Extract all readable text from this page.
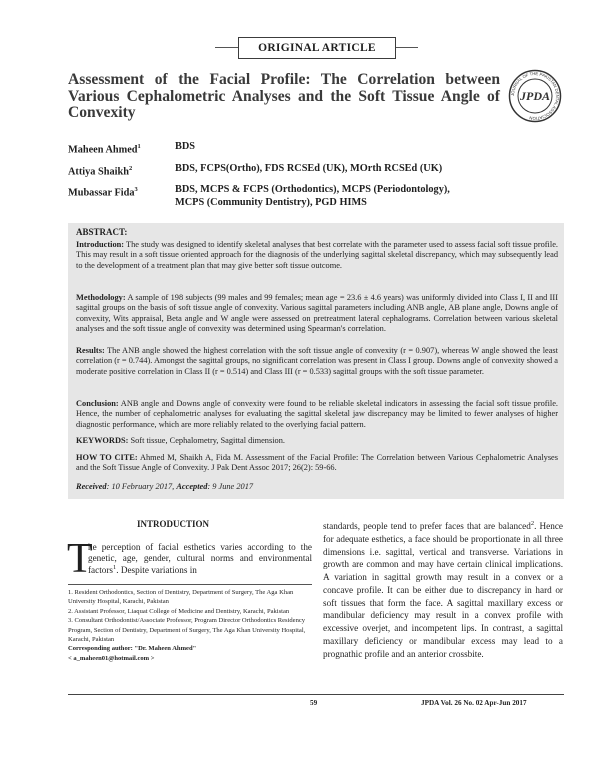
ORIGINAL ARTICLE
Assessment of the Facial Profile: The Correlation between Various Cephalometric Analyses and the Soft Tissue Angle of Convexity
JOURNAL OF THE PAKISTAN DENTAL ASSOCIATION
JPDA
Maheen Ahmed$^1$	BDS
Attiya Shaikh$^2$	BDS, FCPS(Ortho), FDS RCSEd (UK), MOrth RCSEd (UK)
Mubassar Fida$^3$	BDS, MCPS & FCPS (Orthodontics), MCPS (Periodontology),
MCPS (Community Dentistry), PGD HIMS
ABSTRACT:

Introduction: The study was designed to identify skeletal analyses that best correlate with the parameter used to assess facial soft tissue profile. This may result in a soft tissue oriented approach for the diagnosis of the underlying sagittal skeletal discrepancy, which may subsequently lead to the development of a treatment plan that may give better soft tissue outcome.

Methodology: A sample of 198 subjects (99 males and 99 females; mean age = 23.6 ± 4.6 years) was uniformly divided into Class I, II and III sagittal groups on the basis of soft tissue angle of convexity. Various sagittal parameters including ANB angle, AB plane angle, Downs angle of convexity, Wits appraisal, Beta angle and W angle were assessed on pretreatment lateral cephalograms. Correlation between various skeletal analyses and the soft tissue angle of convexity was determined using Spearman's correlation.

Results: The ANB angle showed the highest correlation with the soft tissue angle of convexity (r = 0.907), whereas W angle showed the least correlation (r = 0.744). Amongst the sagittal groups, no significant correlation was present in Class I group. Downs angle of convexity showed a moderate positive correlation in Class II (r = 0.514) and Class III (r = 0.533) sagittal groups with the soft tissue parameter.

Conclusion: ANB angle and Downs angle of convexity were found to be reliable skeletal indicators in assessing the facial soft tissue profile. Hence, the number of cephalometric analyses for evaluating the sagittal skeletal jaw discrepancy may be limited to fewer analyses of higher diagnostic performance, which are more reliably related to the overlying facial pattern.

KEYWORDS: Soft tissue, Cephalometry, Sagittal dimension.

HOW TO CITE: Ahmed M, Shaikh A, Fida M. Assessment of the Facial Profile: The Correlation between Various Cephalometric Analyses and the Soft Tissue Angle of Convexity. J Pak Dent Assoc 2017; 26(2): 59-66.

Received: 10 February 2017, Accepted: 9 June 2017

INTRODUCTION
T

he perception of facial esthetics varies according to the genetic, age, gender, cultural norms and environmental factors$^1$. Despite variations in

1. Resident Orthodontics, Section of Dentistry, Department of Surgery, The Aga Khan University Hospital, Karachi, Pakistan

2. Assistant Professor, Liaquat College of Medicine and Dentistry, Karachi, Pakistan

3. Consultant Orthodontist/Associate Professor, Program Director Orthodontics Residency Program, Section of Dentistry, Department of Surgery, The Aga Khan University Hospital, Karachi, Pakistan

Corresponding author: "Dr. Maheen Ahmed"

< a_maheen01@hotmail.com >

standards, people tend to prefer faces that are balanced$^2$. Hence for adequate esthetics, a face should be proportionate in all three dimensions i.e. sagittal, vertical and transverse. Variations in growth are common and may have certain clinical implications. A variation in sagittal growth may result in a convex or a concave profile. It can be either due to discrepancy in hard or soft tissues that form the face. A sagittal maxillary excess or mandibular deficiency may result in a convex profile with excessive overjet, and incompetent lips. In contrast, a sagittal maxillary deficiency or mandibular excess may lead to a prognathic profile and an anterior crossbite.

59	JPDA Vol. 26 No. 02 Apr-Jun 2017
